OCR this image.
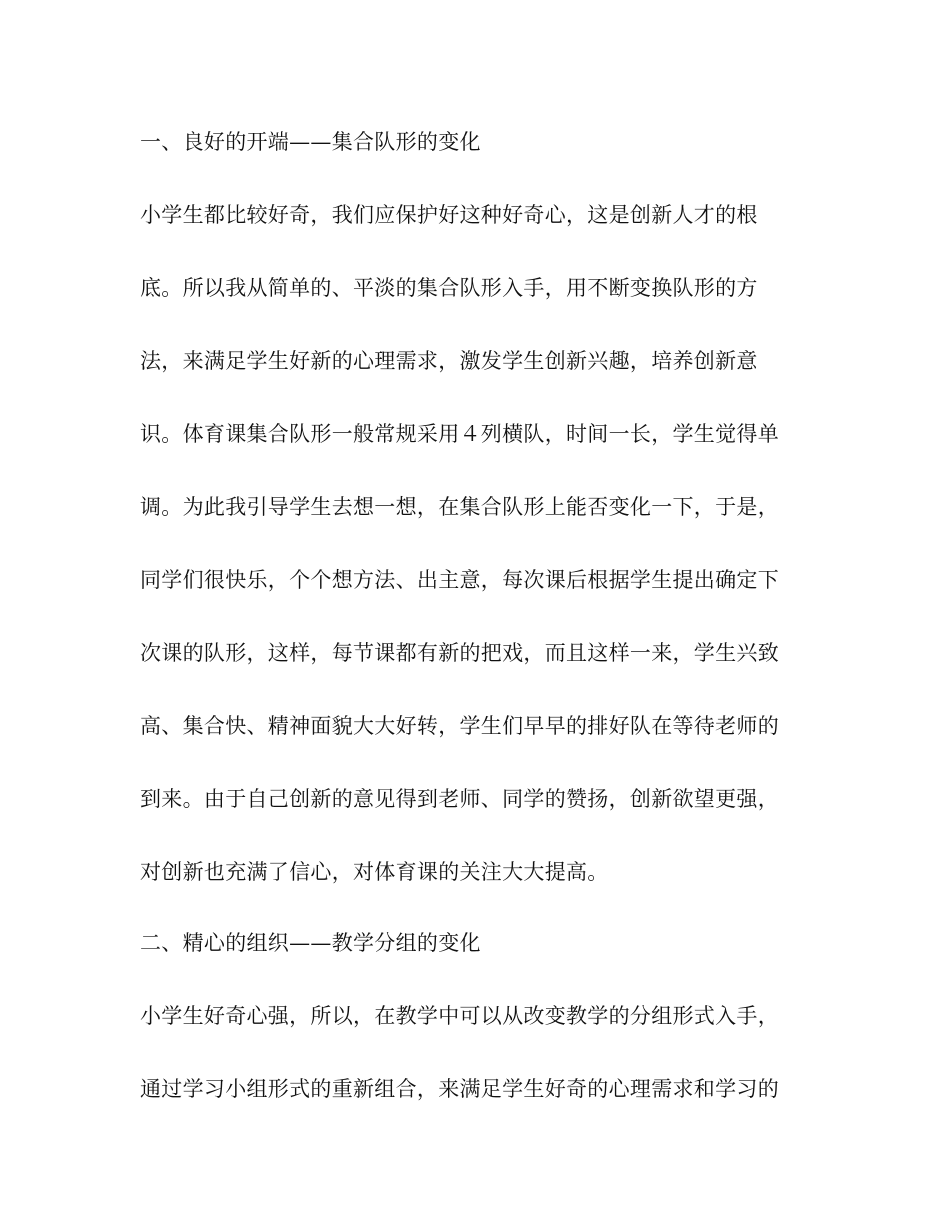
一、良好的开端——集合队形的变化
小学生都比较好奇，我们应保护好这种好奇心，这是创新人才的根
底。所以我从简单的、平淡的集合队形入手，用不断变换队形的方
法，来满足学生好新的心理需求，激发学生创新兴趣，培养创新意
识。体育课集合队形一般常规采用４列横队，时间一长，学生觉得单
调。为此我引导学生去想一想，在集合队形上能否变化一下，于是，
同学们很快乐，个个想方法、出主意，每次课后根据学生提出确定下
次课的队形，这样，每节课都有新的把戏，而且这样一来，学生兴致
高、集合快、精神面貌大大好转，学生们早早的排好队在等待老师的
到来。由于自己创新的意见得到老师、同学的赞扬，创新欲望更强，
对创新也充满了信心，对体育课的关注大大提高。
二、精心的组织——教学分组的变化
小学生好奇心强，所以，在教学中可以从改变教学的分组形式入手，
通过学习小组形式的重新组合，来满足学生好奇的心理需求和学习的
